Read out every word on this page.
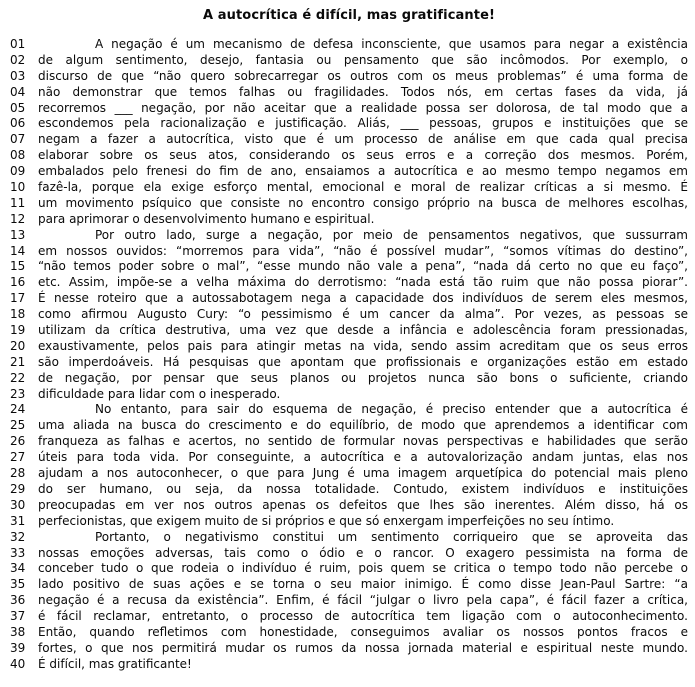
A autocrítica é difícil, mas gratificante!
01	A negação é um mecanismo de defesa inconsciente, que usamos para negar a existência
02	de algum sentimento, desejo, fantasia ou pensamento que são incômodos. Por exemplo, o
03	discurso de que “não quero sobrecarregar os outros com os meus problemas” é uma forma de
04	não demonstrar que temos falhas ou fragilidades. Todos nós, em certas fases da vida, já
05	recorremos ___ negação, por não aceitar que a realidade possa ser dolorosa, de tal modo que a
06	escondemos pela racionalização e justificação. Aliás, ___ pessoas, grupos e instituições que se
07	negam a fazer a autocrítica, visto que é um processo de análise em que cada qual precisa
08	elaborar sobre os seus atos, considerando os seus erros e a correção dos mesmos. Porém,
09	embalados pelo frenesi do fim de ano, ensaiamos a autocrítica e ao mesmo tempo negamos em
10	fazê-la, porque ela exige esforço mental, emocional e moral de realizar críticas a si mesmo. É
11	um movimento psíquico que consiste no encontro consigo próprio na busca de melhores escolhas,
12	para aprimorar o desenvolvimento humano e espiritual.
13	Por outro lado, surge a negação, por meio de pensamentos negativos, que sussurram
14	em nossos ouvidos: “morremos para vida”, “não é possível mudar”, “somos vítimas do destino”,
15	“não temos poder sobre o mal”, “esse mundo não vale a pena”, “nada dá certo no que eu faço”,
16	etc. Assim, impõe-se a velha máxima do derrotismo: “nada está tão ruim que não possa piorar”.
17	É nesse roteiro que a autossabotagem nega a capacidade dos indivíduos de serem eles mesmos,
18	como afirmou Augusto Cury: “o pessimismo é um cancer da alma”. Por vezes, as pessoas se
19	utilizam da crítica destrutiva, uma vez que desde a infância e adolescência foram pressionadas,
20	exaustivamente, pelos pais para atingir metas na vida, sendo assim acreditam que os seus erros
21	são imperdoáveis. Há pesquisas que apontam que profissionais e organizações estão em estado
22	de negação, por pensar que seus planos ou projetos nunca são bons o suficiente, criando
23	dificuldade para lidar com o inesperado.
24	No entanto, para sair do esquema de negação, é preciso entender que a autocrítica é
25	uma aliada na busca do crescimento e do equilíbrio, de modo que aprendemos a identificar com
26	franqueza as falhas e acertos, no sentido de formular novas perspectivas e habilidades que serão
27	úteis para toda vida. Por conseguinte, a autocrítica e a autovalorização andam juntas, elas nos
28	ajudam a nos autoconhecer, o que para Jung é uma imagem arquetípica do potencial mais pleno
29	do ser humano, ou seja, da nossa totalidade. Contudo, existem indivíduos e instituições
30	preocupadas em ver nos outros apenas os defeitos que lhes são inerentes. Além disso, há os
31	perfecionistas, que exigem muito de si próprios e que só enxergam imperfeições no seu íntimo.
32	Portanto, o negativismo constitui um sentimento corriqueiro que se aproveita das
33	nossas emoções adversas, tais como o ódio e o rancor. O exagero pessimista na forma de
34	conceber tudo o que rodeia o indivíduo é ruim, pois quem se critica o tempo todo não percebe o
35	lado positivo de suas ações e se torna o seu maior inimigo. É como disse Jean-Paul Sartre: “a
36	negação é a recusa da existência”. Enfim, é fácil “julgar o livro pela capa”, é fácil fazer a crítica,
37	é fácil reclamar, entretanto, o processo de autocrítica tem ligação com o autoconhecimento.
38	Então, quando refletimos com honestidade, conseguimos avaliar os nossos pontos fracos e
39	fortes, o que nos permitirá mudar os rumos da nossa jornada material e espiritual neste mundo.
40	É difícil, mas gratificante!
